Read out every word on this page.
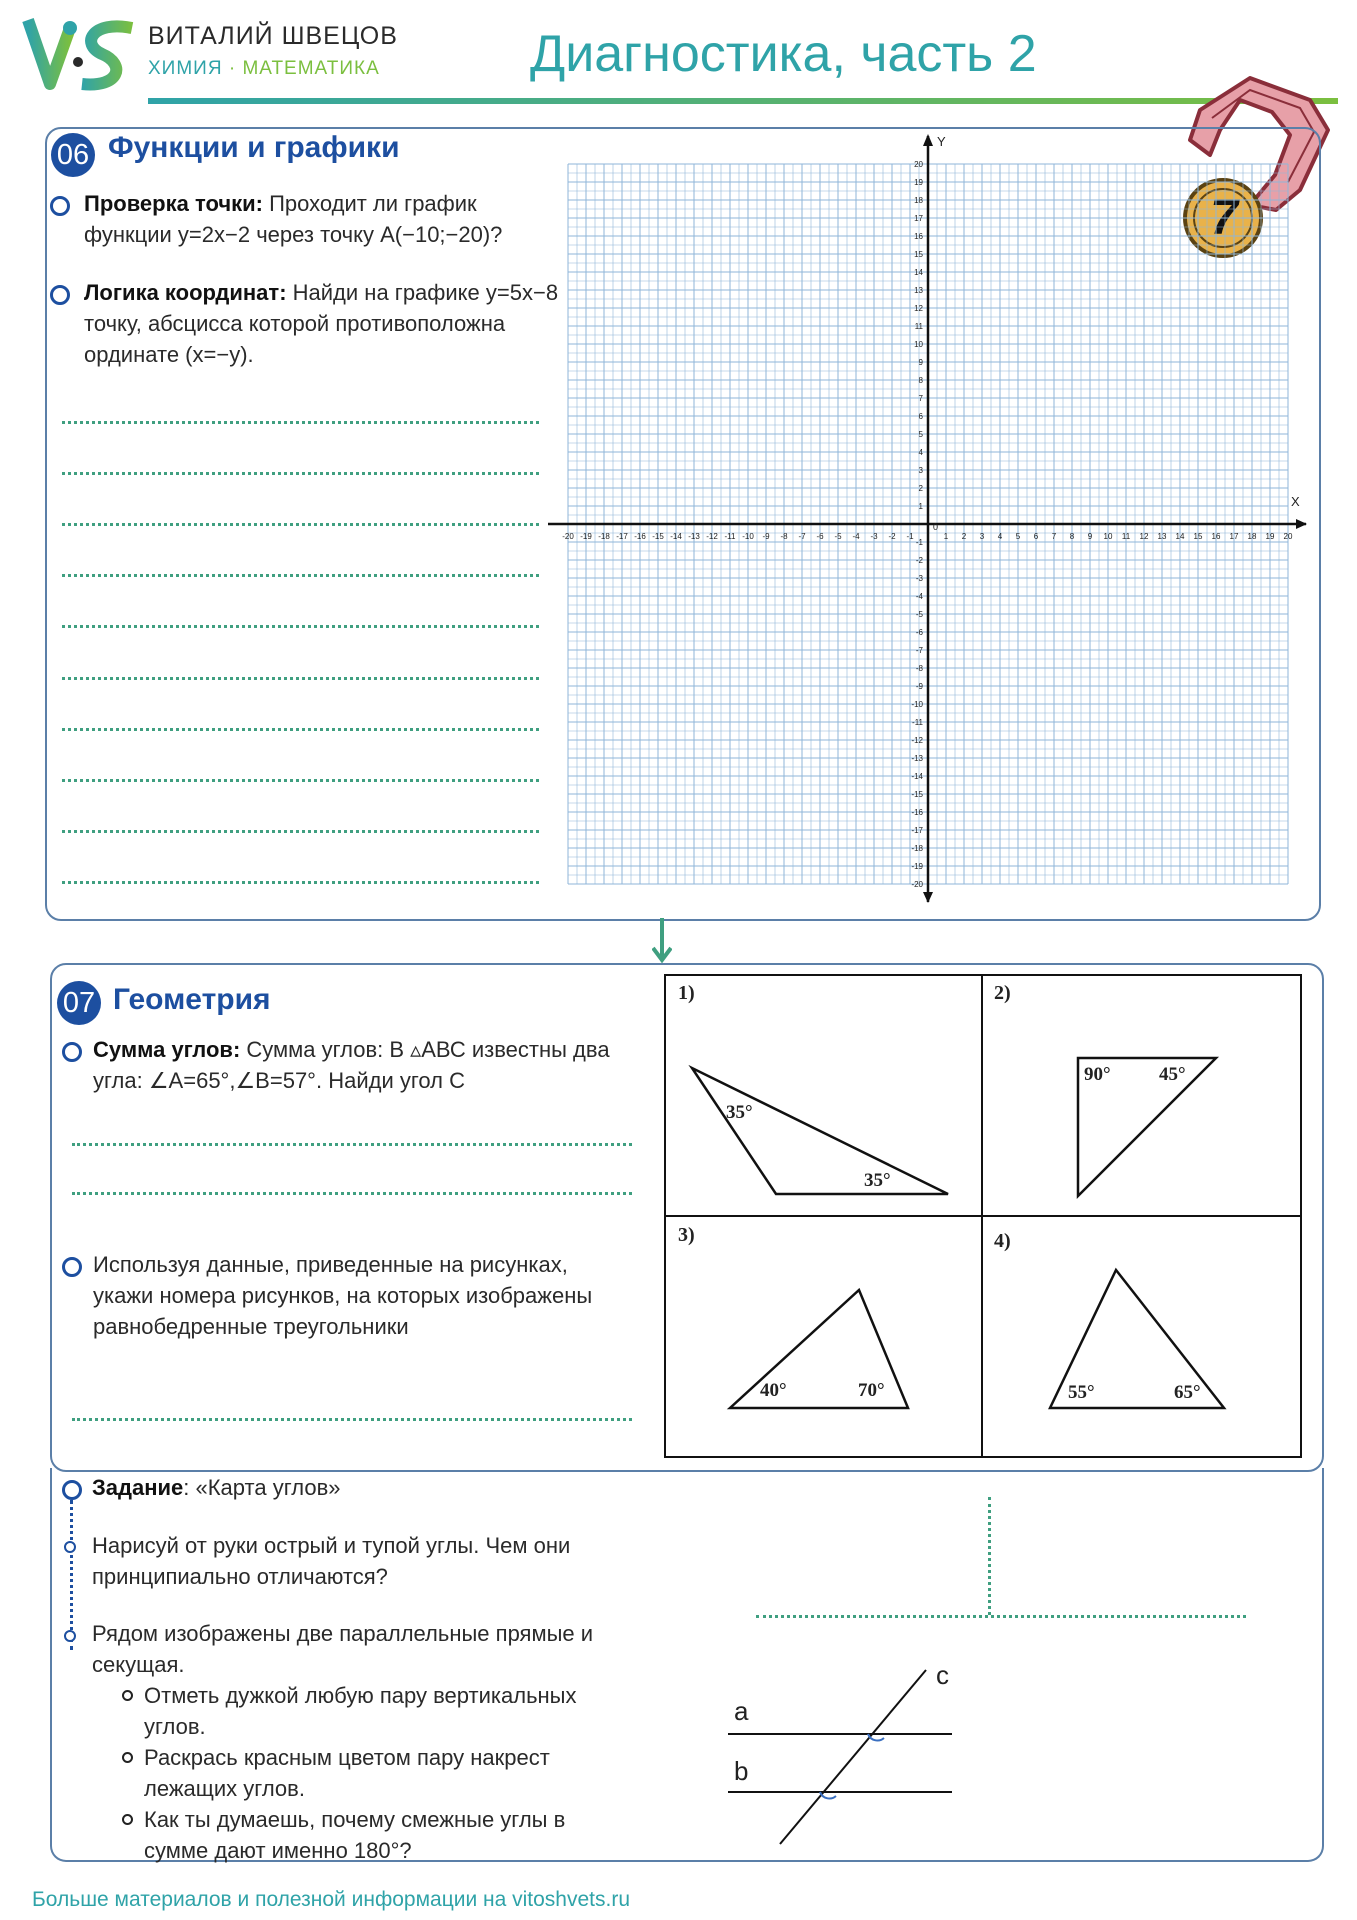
ВИТАЛИЙ ШВЕЦОВ
ХИМИЯ · МАТЕМАТИКА	Диагностика, часть 2
7
06 Функции и графики
Проверка точки: Проходит ли график функции y=2x−2 через точку A(−10;−20)?
Логика координат: Найди на графике y=5x−8 точку, абсцисса которой противоположна ординате (x=−y).
-20 -19 -18 -17 -16 -15 -14 -13 -12 -11 -10 -9 -8 -7 -6 -5 -4 -3 -2 -1	1 2 3 4 5 6 7 8 9 10 11 12 13 14 15 16 17 18 19 20
-20
-19
-18
-17
-16
-15
-14
-13
-12
-11
-10
-9
-8
-7
-6
-5
-4
-3
-2
-1
1
2
3
4
5
6
7
8
9
10
11
12
13
14
15
16
17
18
19
20
Y
X
0
07 Геометрия
Сумма углов: Сумма углов: В ▵АВС известны два угла: ∠А=65°,∠В=57°. Найди угол С
Используя данные, приведенные на рисунках, укажи номера рисунков, на которых изображены равнобедренные треугольники
1)
35°
35°
2)
90°	45°
3)
40°	70°
4)
55°	65°
Задание: «Карта углов»
Нарисуй от руки острый и тупой углы. Чем они принципиально отличаются?
Рядом изображены две параллельные прямые и секущая.
Отметь дужкой любую пару вертикальных углов.
Раскрась красным цветом пару накрест лежащих углов.
Как ты думаешь, почему смежные углы в сумме дают именно 180°?
a
b
c
Больше материалов и полезной информации на vitoshvets.ru
